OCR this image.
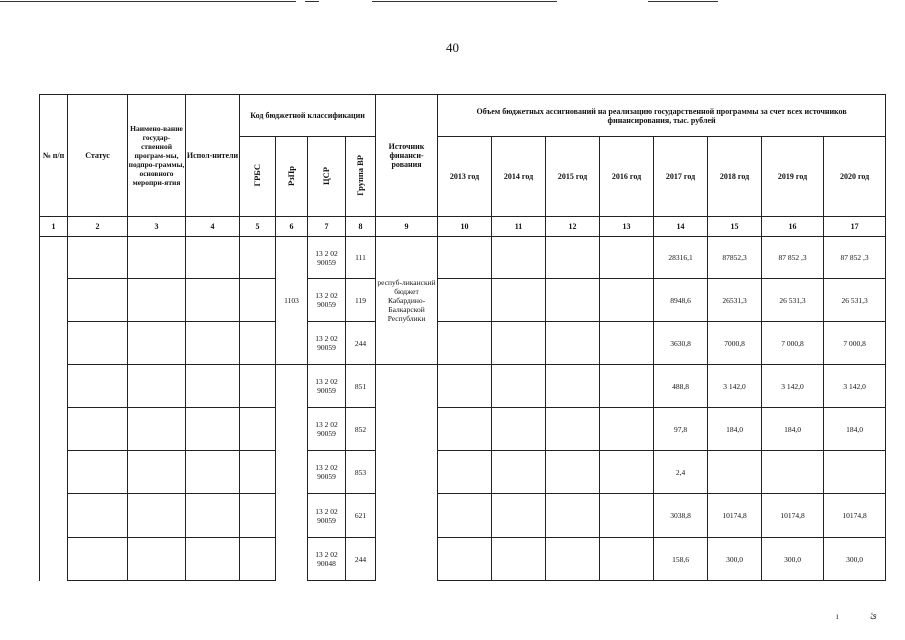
40
№ п/п	Статус	Наимено-вание государ-ственной програм-мы, подпро-граммы, основного меропри-ятия	Испол-нители	Код бюджетной классификации				Источник финанси-рования	Объем бюджетных ассигнований на реализацию государственной программы за счет всех источников финансирования, тыс. рублей							
				ГРБС	РзПр	ЦСР	Группа ВР		2013 год	2014 год	2015 год	2016 год	2017 год	2018 год	2019 год	2020 год
1	2	3	4	5	6	7	8	9	10	11	12	13	14	15	16	17
					1103	13 2 02 90059	111	респуб-ликанский бюджет Кабардино-Балкарской Республики					28316,1	87852,3	87 852 ,3	87 852 ,3
						13 2 02 90059	119						8948,6	26531,3	26 531,3	26 531,3
						13 2 02 90059	244						3630,8	7000,8	7 000,8	7 000,8
						13 2 02 90059	851						488,8	3 142,0	3 142,0	3 142,0
						13 2 02 90059	852						97,8	184,0	184,0	184,0
						13 2 02 90059	853						2,4			
						13 2 02 90059	621						3038,8	10174,8	10174,8	10174,8
						13 2 02 90048	244						158,6	300,0	300,0	300,0
ı	ئ
